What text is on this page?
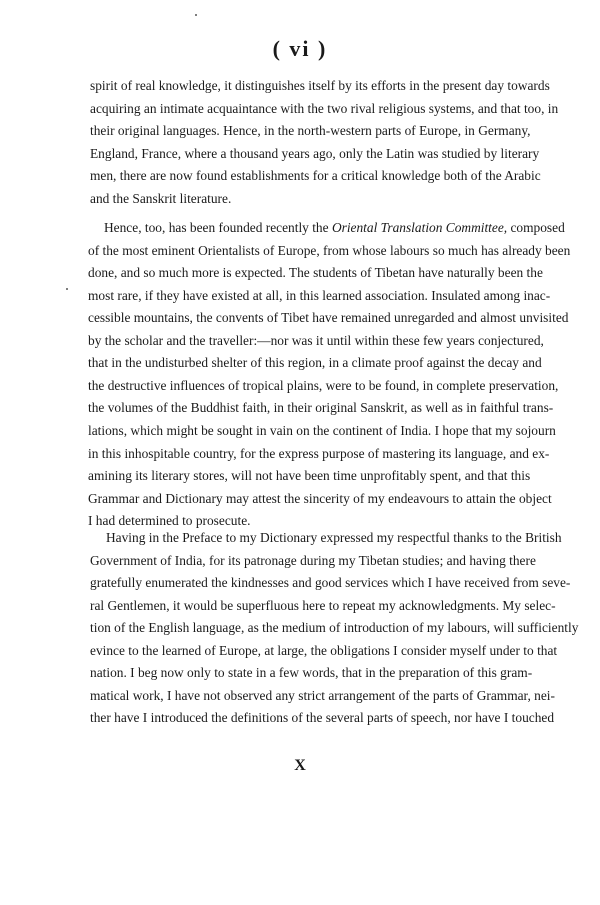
( vi )
spirit of real knowledge, it distinguishes itself by its efforts in the present day towards
acquiring an intimate acquaintance with the two rival religious systems, and that too, in
their original languages. Hence, in the north-western parts of Europe, in Germany,
England, France, where a thousand years ago, only the Latin was studied by literary
men, there are now found establishments for a critical knowledge both of the Arabic
and the Sanskrit literature.
Hence, too, has been founded recently the Oriental Translation Committee, composed
of the most eminent Orientalists of Europe, from whose labours so much has already been
done, and so much more is expected. The students of Tibetan have naturally been the
most rare, if they have existed at all, in this learned association. Insulated among inac-
cessible mountains, the convents of Tibet have remained unregarded and almost unvisited
by the scholar and the traveller:—nor was it until within these few years conjectured,
that in the undisturbed shelter of this region, in a climate proof against the decay and
the destructive influences of tropical plains, were to be found, in complete preservation,
the volumes of the Buddhist faith, in their original Sanskrit, as well as in faithful trans-
lations, which might be sought in vain on the continent of India. I hope that my sojourn
in this inhospitable country, for the express purpose of mastering its language, and ex-
amining its literary stores, will not have been time unprofitably spent, and that this
Grammar and Dictionary may attest the sincerity of my endeavours to attain the object
I had determined to prosecute.
Having in the Preface to my Dictionary expressed my respectful thanks to the British
Government of India, for its patronage during my Tibetan studies; and having there
gratefully enumerated the kindnesses and good services which I have received from seve-
ral Gentlemen, it would be superfluous here to repeat my acknowledgments. My selec-
tion of the English language, as the medium of introduction of my labours, will sufficiently
evince to the learned of Europe, at large, the obligations I consider myself under to that
nation. I beg now only to state in a few words, that in the preparation of this gram-
matical work, I have not observed any strict arrangement of the parts of Grammar, nei-
ther have I introduced the definitions of the several parts of speech, nor have I touched
X
